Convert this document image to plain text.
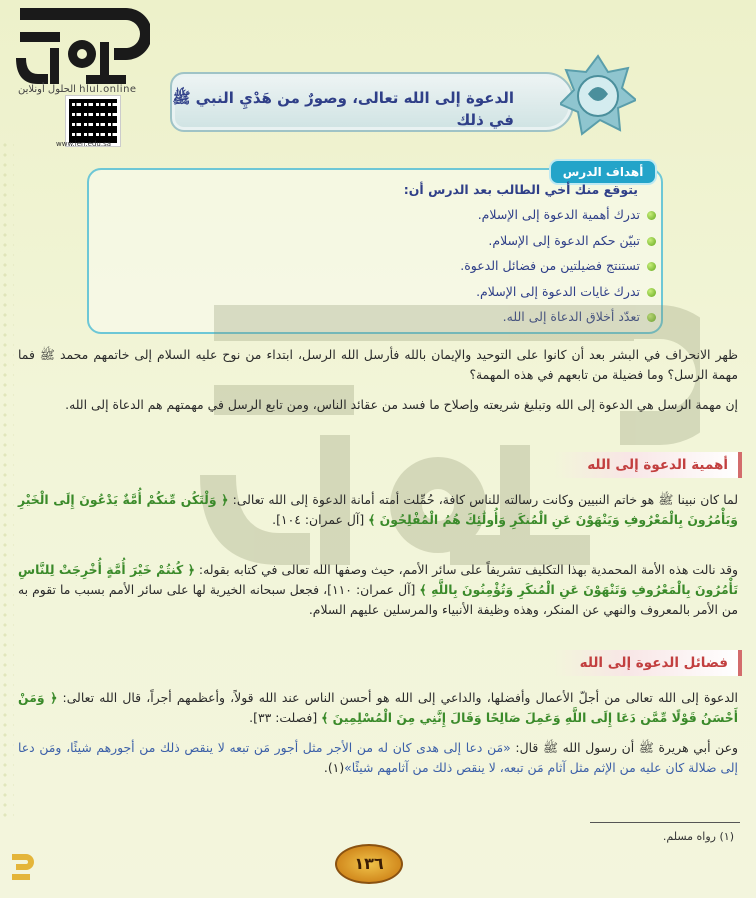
الحلول أونلاين hlul.online
www.ien.edu.sa
الدعوة إلى الله تعالى، وصورٌ من هَدْيِ النبي ﷺ في ذلك
أهداف الدرس
يتوقع منك أخي الطالب بعد الدرس أن:
تدرك أهمية الدعوة إلى الإسلام.
تبيّن حكم الدعوة إلى الإسلام.
تستنتج فضيلتين من فضائل الدعوة.
تدرك غايات الدعوة إلى الإسلام.
تعدّد أخلاق الدعاة إلى الله.
ظهر الانحراف في البشر بعد أن كانوا على التوحيد والإيمان بالله فأرسل الله الرسل، ابتداء من نوح عليه السلام إلى خاتمهم محمد ﷺ فما مهمة الرسل؟ وما فضيلة من تابعهم في هذه المهمة؟
إن مهمة الرسل هي الدعوة إلى الله وتبليغ شريعته وإصلاح ما فسد من عقائد الناس، ومن تابع الرسل في مهمتهم هم الدعاة إلى الله.
أهمية الدعوة إلى الله
لما كان نبينا ﷺ هو خاتم النبيين وكانت رسالته للناس كافة، حُمِّلت أمته أمانة الدعوة إلى الله تعالى: ﴿ وَلْتَكُن مِّنكُمْ أُمَّةٌ يَدْعُونَ إِلَى الْخَيْرِ وَيَأْمُرُونَ بِالْمَعْرُوفِ وَيَنْهَوْنَ عَنِ الْمُنكَرِ وَأُولَٰئِكَ هُمُ الْمُفْلِحُونَ ﴾ [آل عمران: ١٠٤].
وقد نالت هذه الأمة المحمدية بهذا التكليف تشريفاً على سائر الأمم، حيث وصفها الله تعالى في كتابه بقوله: ﴿ كُنتُمْ خَيْرَ أُمَّةٍ أُخْرِجَتْ لِلنَّاسِ تَأْمُرُونَ بِالْمَعْرُوفِ وَتَنْهَوْنَ عَنِ الْمُنكَرِ وَتُؤْمِنُونَ بِاللَّهِ ﴾ [آل عمران: ١١٠]، فجعل سبحانه الخيرية لها على سائر الأمم بسبب ما تقوم به من الأمر بالمعروف والنهي عن المنكر، وهذه وظيفة الأنبياء والمرسلين عليهم السلام.
فضائل الدعوة إلى الله
الدعوة إلى الله تعالى من أجلّ الأعمال وأفضلها، والداعي إلى الله هو أحسن الناس عند الله قولاً، وأعظمهم أجراً، قال الله تعالى: ﴿ وَمَنْ أَحْسَنُ قَوْلًا مِّمَّن دَعَا إِلَى اللَّهِ وَعَمِلَ صَالِحًا وَقَالَ إِنَّنِي مِنَ الْمُسْلِمِينَ ﴾ [فصلت: ٣٣].
وعن أبي هريرة ﷺ أن رسول الله ﷺ قال: «مَن دعا إلى هدى كان له من الأجر مثل أجور مَن تبعه لا ينقص ذلك من أجورهم شيئًا، ومَن دعا إلى ضلالة كان عليه من الإثم مثل آثام مَن تبعه، لا ينقص ذلك من آثامهم شيئًا»(١).
(١) رواه مسلم.
١٣٦
